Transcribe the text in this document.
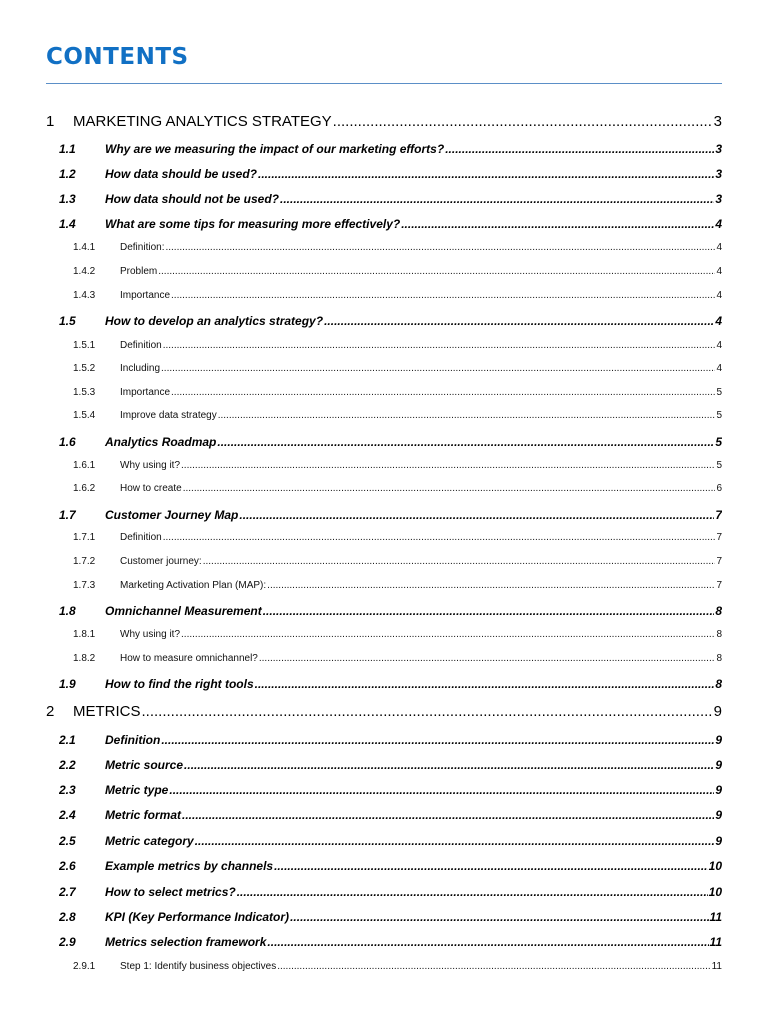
CONTENTS
1	MARKETING ANALYTICS STRATEGY .....	3
1.1	Why are we measuring the impact of our marketing efforts? .....	3
1.2	How data should be used? .....	3
1.3	How data should not be used? .....	3
1.4	What are some tips for measuring more effectively? .....	4
1.4.1	Definition: .....	4
1.4.2	Problem .....	4
1.4.3	Importance .....	4
1.5	How to develop an analytics strategy? .....	4
1.5.1	Definition .....	4
1.5.2	Including .....	4
1.5.3	Importance .....	5
1.5.4	Improve data strategy .....	5
1.6	Analytics Roadmap .....	5
1.6.1	Why using it? .....	5
1.6.2	How to create .....	6
1.7	Customer Journey Map .....	7
1.7.1	Definition .....	7
1.7.2	Customer journey: .....	7
1.7.3	Marketing Activation Plan (MAP): .....	7
1.8	Omnichannel Measurement .....	8
1.8.1	Why using it? .....	8
1.8.2	How to measure omnichannel? .....	8
1.9	How to find the right tools .....	8
2	METRICS .....	9
2.1	Definition .....	9
2.2	Metric source .....	9
2.3	Metric type .....	9
2.4	Metric format .....	9
2.5	Metric category .....	9
2.6	Example metrics by channels .....	10
2.7	How to select metrics? .....	10
2.8	KPI (Key Performance Indicator) .....	11
2.9	Metrics selection framework .....	11
2.9.1	Step 1: Identify business objectives .....	11
